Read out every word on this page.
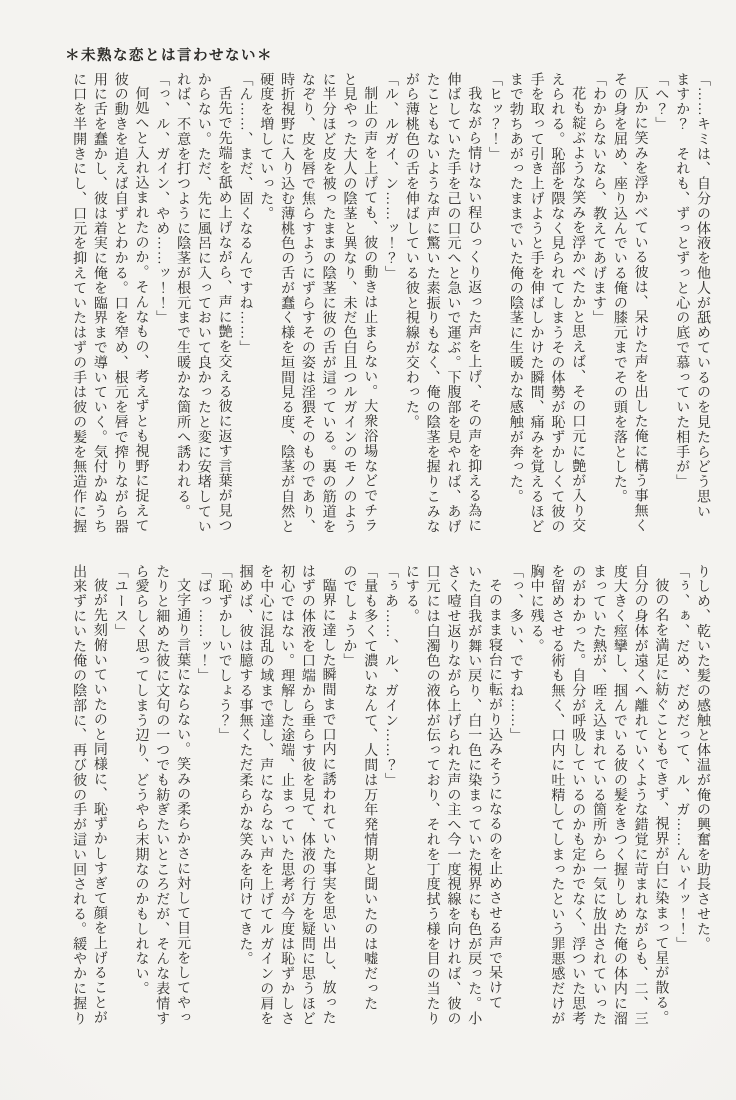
＊未熟な恋とは言わせない＊

「……キミは、自分の体液を他人が舐めているのを見たらどう思い

ますか？　それも、ずっとずっと心の底で慕っていた相手が」

「へ？」

仄かに笑みを浮かべている彼は、呆けた声を出した俺に構う事無く

その身を屈め、座り込んでいる俺の膝元までその頭を落とした。

「わからないなら、教えてあげます」

花も綻ぶような笑みを浮かべたかと思えば、その口元に艶が入り交

えられる。恥部を隈なく見られてしまうその体勢が恥ずかしくて彼の

手を取って引き上げようと手を伸ばしかけた瞬間、痛みを覚えるほど

まで勃ちあがったままでいた俺の陰茎に生暖かな感触が奔った。

「ヒッ？！」

我ながら情けない程ひっくり返った声を上げ、その声を抑える為に

伸ばしていた手を己の口元へと急いで運ぶ。下腹部を見やれば、あげ

たこともないような声に驚いた素振りもなく、俺の陰茎を握りこみな

がら薄桃色の舌を伸ばしている彼と視線が交わった。

「ル、ルガイ、ン……ッ！？」

制止の声を上げても、彼の動きは止まらない。大衆浴場などでチラ

と見やった大人の陰茎と異なり、未だ色白且つルガインのモノのよう

に半分ほど皮を被ったままの陰茎に彼の舌が這っている。裏の筋道を

なぞり、皮を唇で焦らすようにずらすその姿は淫猥そのものであり、

時折視野に入り込む薄桃色の舌が蠢く様を垣間見る度、陰茎が自然と

硬度を増していった。

「ん……、まだ、固くなるんですね……」

舌先で先端を舐め上げながら、声に艶を交える彼に返す言葉が見つ

からない。ただ、先に風呂に入っておいて良かったと変に安堵してい

れば、不意を打つように陰茎が根元まで生暖かな箇所へ誘われる。

「っ、ル、ガイン、やめ……ッ！！」

何処へと入れ込まれたのか。そんなもの、考えずとも視野に捉えて

彼の動きを追えば自ずとわかる。口を窄め、根元を唇で搾りながら器

用に舌を蠢かし、彼は着実に俺を臨界まで導いていく。気付かぬうち

に口を半開きにし、口元を抑えていたはずの手は彼の髪を無造作に握

りしめ、乾いた髪の感触と体温が俺の興奮を助長させた。

「ぅ、ぁ、だめ、だめだって、ル、ガ……んぃイッ！！」

彼の名を満足に紡ぐこともできず、視界が白に染まって星が散る。

自分の身体が遠くへ離れていくような錯覚に苛まれながらも、二、三

度大きく痙攣し、掴んでいる彼の髪をきつく握りしめた俺の体内に溜

まっていた熱が、咥え込まれている箇所から一気に放出されていった

のがわかった。自分が呼吸しているのかも定かでなく、浮ついた思考

を留めさせる術も無く、口内に吐精してしまったという罪悪感だけが

胸中に残る。

「っ、多い、ですね……」

そのまま寝台に転がり込みそうになるのを止めさせる声で呆けて

いた自我が舞い戻り、白一色に染まっていた視界にも色が戻った。小

さく噎せ返りながら上げられた声の主へ今一度視線を向ければ、彼の

口元には白濁色の液体が伝っており、それを丁度拭う様を目の当たり

にする。

「ぅあ……、ル、ガイン……？」

「量も多くて濃いなんて、人間は万年発情期と聞いたのは嘘だった

のでしょうか」

臨界に達した瞬間まで口内に誘われていた事実を思い出し、放った

はずの体液を口端から垂らす彼を見て、体液の行方を疑問に思うほど

初心ではない。理解した途端、止まっていた思考が今度は恥ずかしさ

を中心に混乱の域まで達し、声にならない声を上げてルガインの肩を

掴めば、彼は臆する事無くただ柔らかな笑みを向けてきた。

「恥ずかしいでしょう？」

「ばっ……ッ！」

文字通り言葉にならない。笑みの柔らかさに対して目元をしてやっ

たりと細めた彼に文句の一つでも紡ぎたいところだが、そんな表情す

ら愛らしく思ってしまう辺り、どうやら末期なのかもしれない。

「ユース」

彼が先刻俯いていたのと同様に、恥ずかしすぎて顔を上げることが

出来ずにいた俺の陰部に、再び彼の手が這い回される。緩やかに握り
